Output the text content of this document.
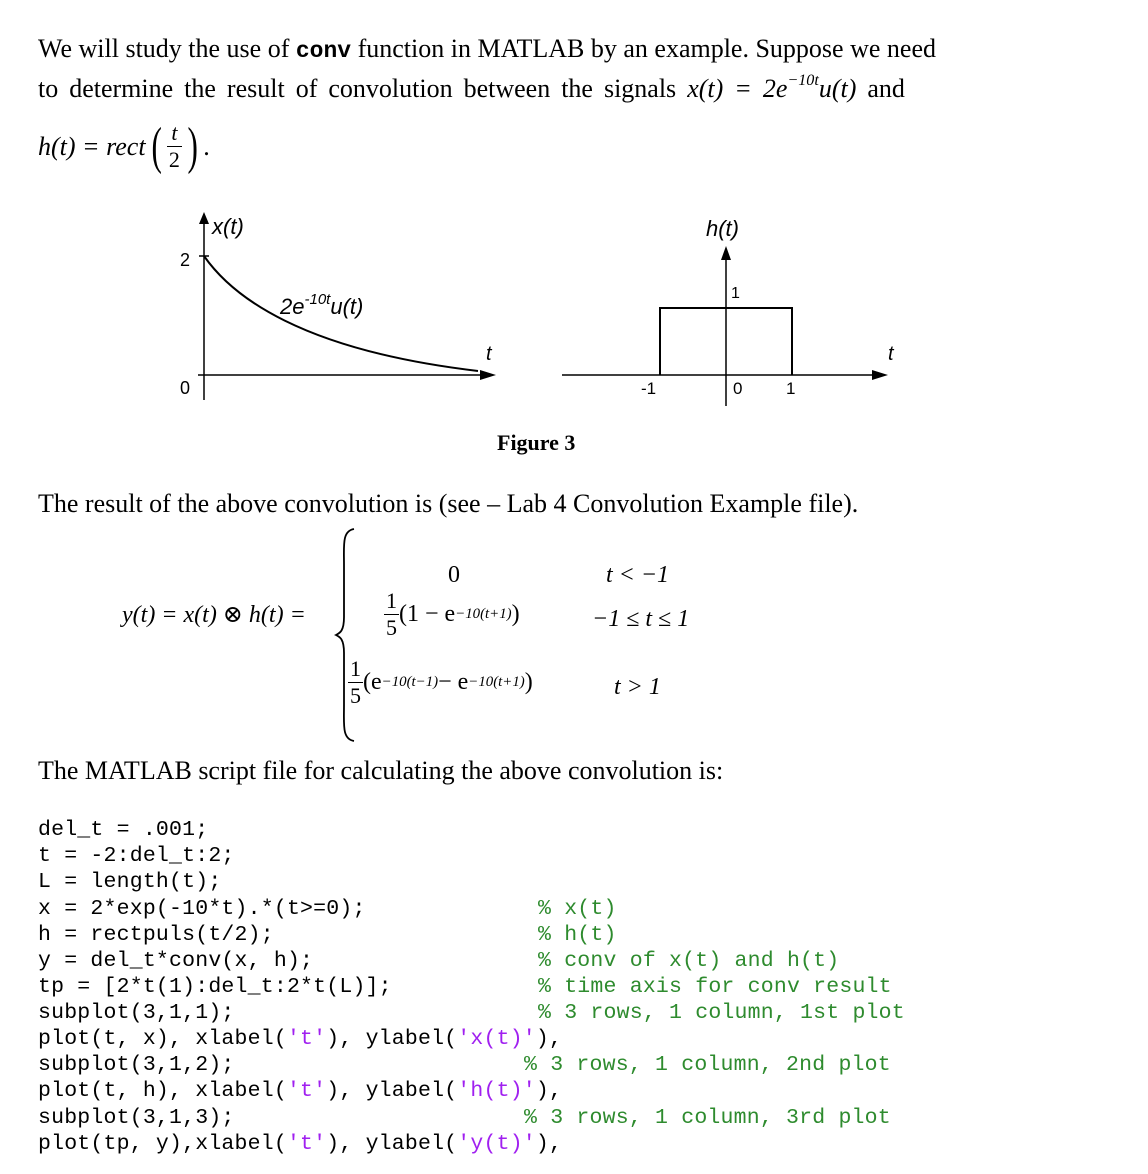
We will study the use of conv function in MATLAB by an example. Suppose we need
to determine the result of convolution between the signals $x(t) = 2e^{-10t}u(t)$ and
h(t) = rect ( $\frac{t}{2}$ ) .
x(t)
2
0
$2e^{-10t}u(t)$
t
h(t)
1
-1	0	1
t
Figure 3
The result of the above convolution is (see – Lab 4 Convolution Example file).
y(t) = x(t) ⊗ h(t) =
0	t < −1
$\frac{1}{5} (1 - e -10(t+1)$ )	−1 ≤ t ≤ 1
$\frac{1}{5} (e -10(t-1) - e -10(t+1)$ )	t > 1
The MATLAB script file for calculating the above convolution is:
del_t = .001;
t = -2:del_t:2;
L = length(t);
x = 2*exp(-10*t).*(t>=0);	% x(t)
h = rectpuls(t/2);	% h(t)
y = del_t*conv(x, h);	% conv of x(t) and h(t)
tp = [2*t(1):del_t:2*t(L)];	% time axis for conv result
subplot(3,1,1);	% 3 rows, 1 column, 1st plot
plot(t, x), xlabel('t'), ylabel('x(t)'),
subplot(3,1,2);	% 3 rows, 1 column, 2nd plot
plot(t, h), xlabel('t'), ylabel('h(t)'),
subplot(3,1,3);	% 3 rows, 1 column, 3rd plot
plot(tp, y),xlabel('t'), ylabel('y(t)'),
